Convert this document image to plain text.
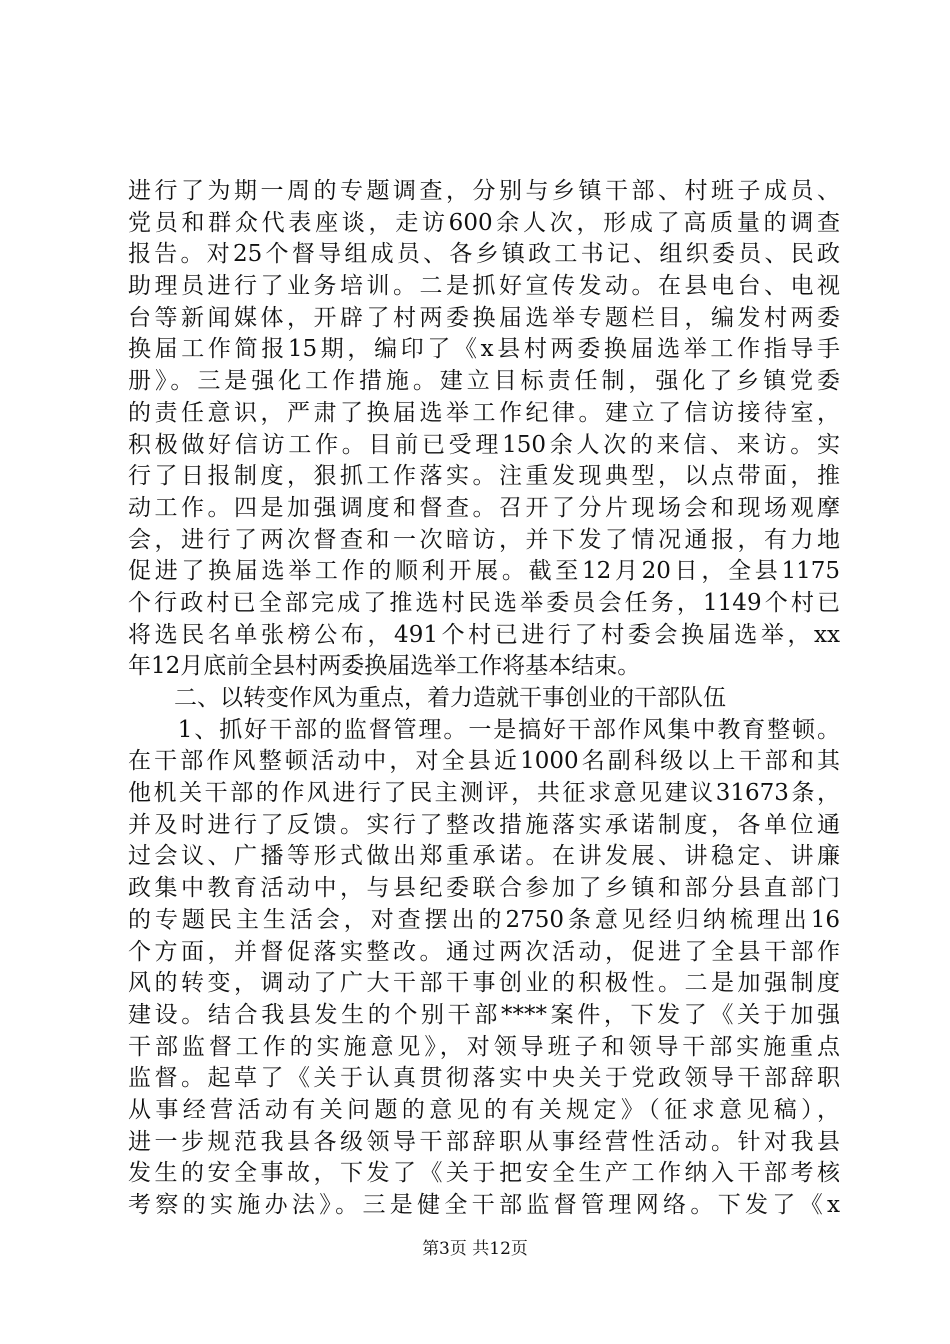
进行了为期一周的专题调查，分别与乡镇干部、村班子成员、
党员和群众代表座谈，走访600余人次，形成了高质量的调查
报告。对25个督导组成员、各乡镇政工书记、组织委员、民政
助理员进行了业务培训。二是抓好宣传发动。在县电台、电视
台等新闻媒体，开辟了村两委换届选举专题栏目，编发村两委
换届工作简报15期，编印了《x县村两委换届选举工作指导手
册》。三是强化工作措施。建立目标责任制，强化了乡镇党委
的责任意识，严肃了换届选举工作纪律。建立了信访接待室，
积极做好信访工作。目前已受理150余人次的来信、来访。实
行了日报制度，狠抓工作落实。注重发现典型，以点带面，推
动工作。四是加强调度和督查。召开了分片现场会和现场观摩
会，进行了两次督查和一次暗访，并下发了情况通报，有力地
促进了换届选举工作的顺利开展。截至12月20日，全县1175
个行政村已全部完成了推选村民选举委员会任务，1149个村已
将选民名单张榜公布，491个村已进行了村委会换届选举，xx
年12月底前全县村两委换届选举工作将基本结束。
　　二、以转变作风为重点，着力造就干事创业的干部队伍
　　1、抓好干部的监督管理。一是搞好干部作风集中教育整顿。
在干部作风整顿活动中，对全县近1000名副科级以上干部和其
他机关干部的作风进行了民主测评，共征求意见建议31673条，
并及时进行了反馈。实行了整改措施落实承诺制度，各单位通
过会议、广播等形式做出郑重承诺。在讲发展、讲稳定、讲廉
政集中教育活动中，与县纪委联合参加了乡镇和部分县直部门
的专题民主生活会，对查摆出的2750条意见经归纳梳理出16
个方面，并督促落实整改。通过两次活动，促进了全县干部作
风的转变，调动了广大干部干事创业的积极性。二是加强制度
建设。结合我县发生的个别干部****案件，下发了《关于加强
干部监督工作的实施意见》，对领导班子和领导干部实施重点
监督。起草了《关于认真贯彻落实中央关于党政领导干部辞职
从事经营活动有关问题的意见的有关规定》（征求意见稿），
进一步规范我县各级领导干部辞职从事经营性活动。针对我县
发生的安全事故，下发了《关于把安全生产工作纳入干部考核
考察的实施办法》。三是健全干部监督管理网络。下发了《x
第3页 共12页
